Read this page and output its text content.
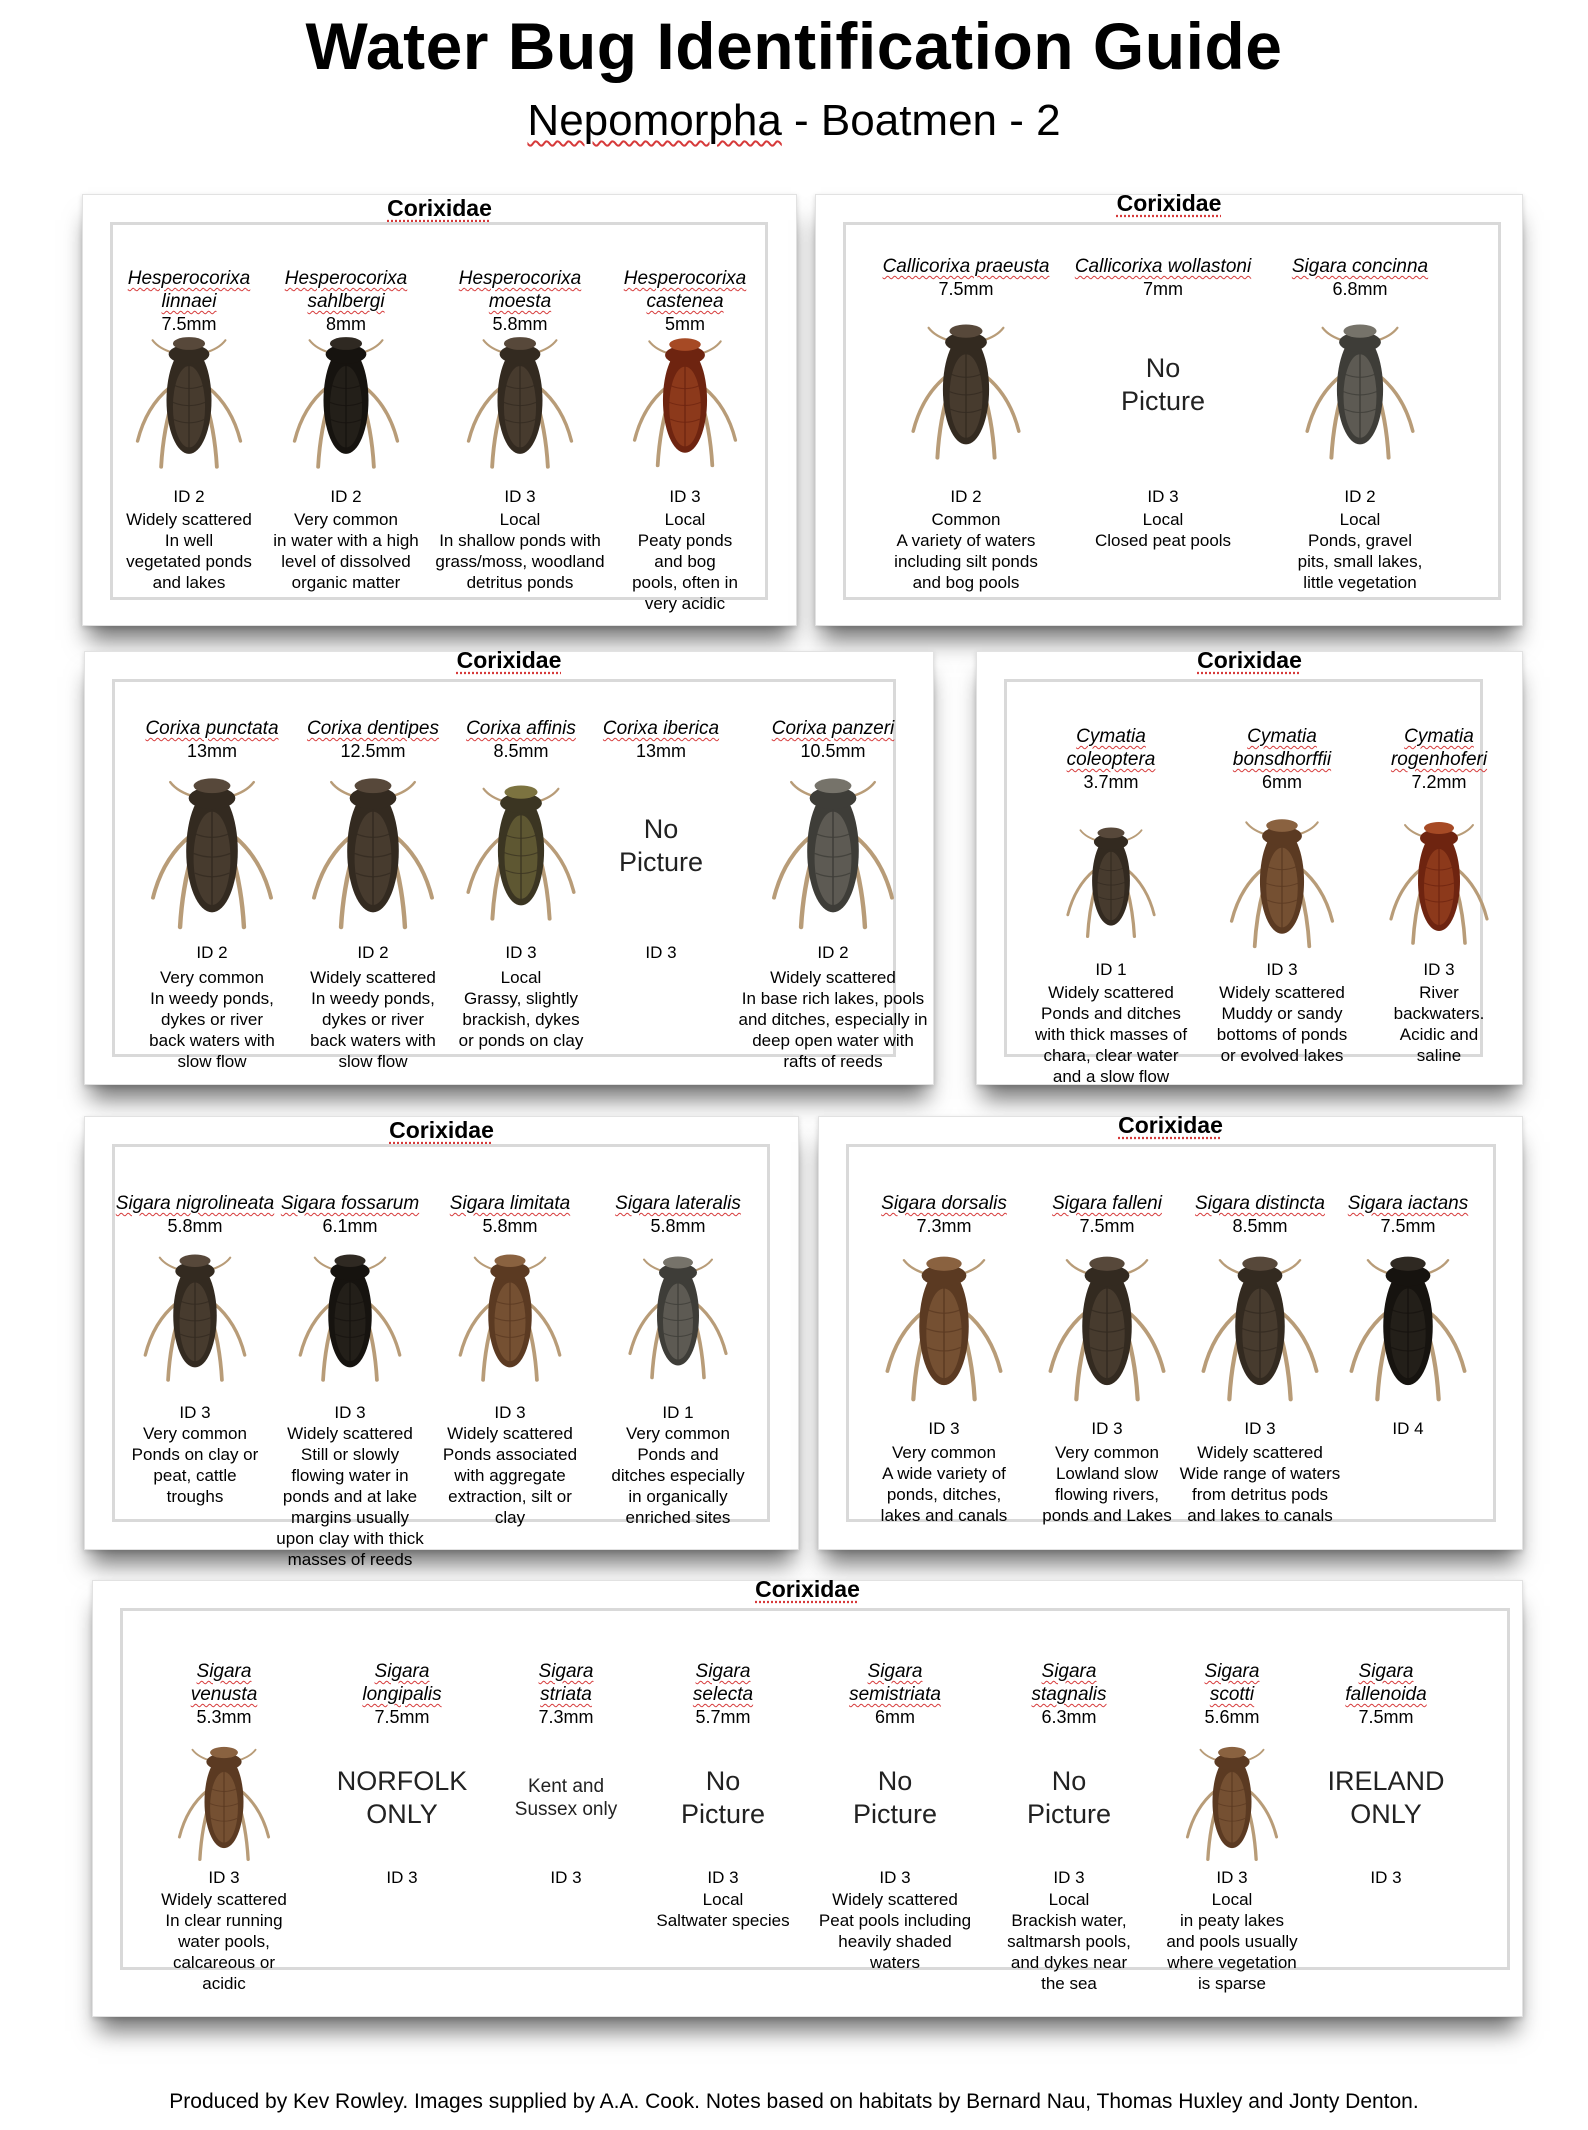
Water Bug Identification Guide
Nepomorpha - Boatmen - 2
Corixidae
Hesperocorixa
linnaei
7.5mm
ID 2
Widely scattered
In well
vegetated ponds
and lakes
Hesperocorixa
sahlbergi
8mm
ID 2
Very common
in water with a high
level of dissolved
organic matter
Hesperocorixa
moesta
5.8mm
ID 3
Local
In shallow ponds with
grass/moss, woodland
detritus ponds
Hesperocorixa
castenea
5mm
ID 3
Local
Peaty ponds
and bog
pools, often in
very acidic
Corixidae
Callicorixa praeusta
7.5mm
ID 2
Common
A variety of waters
including silt ponds
and bog pools
Callicorixa wollastoni
7mm
No
Picture
ID 3
Local
Closed peat pools
Sigara concinna
6.8mm
ID 2
Local
Ponds, gravel
pits, small lakes,
little vegetation
Corixidae
Corixa punctata
13mm
ID 2
Very common
In weedy ponds,
dykes or river
back waters with
slow flow
Corixa dentipes
12.5mm
ID 2
Widely scattered
In weedy ponds,
dykes or river
back waters with
slow flow
Corixa affinis
8.5mm
ID 3
Local
Grassy, slightly
brackish, dykes
or ponds on clay
Corixa iberica
13mm
No
Picture
ID 3
Corixa panzeri
10.5mm
ID 2
Widely scattered
In base rich lakes, pools
and ditches, especially in
deep open water with
rafts of reeds
Corixidae
Cymatia
coleoptera
3.7mm
ID 1
Widely scattered
Ponds and ditches
with thick masses of
chara, clear water
and a slow flow
Cymatia
bonsdhorffii
6mm
ID 3
Widely scattered
Muddy or sandy
bottoms of ponds
or evolved lakes
Cymatia
rogenhoferi
7.2mm
ID 3
River
backwaters.
Acidic and
saline
Corixidae
Sigara nigrolineata
5.8mm
ID 3
Very common
Ponds on clay or
peat, cattle
troughs
Sigara fossarum
6.1mm
ID 3
Widely scattered
Still or slowly
flowing water in
ponds and at lake
margins usually
upon clay with thick
masses of reeds
Sigara limitata
5.8mm
ID 3
Widely scattered
Ponds associated
with aggregate
extraction, silt or
clay
Sigara lateralis
5.8mm
ID 1
Very common
Ponds and
ditches especially
in organically
enriched sites
Corixidae
Sigara dorsalis
7.3mm
ID 3
Very common
A wide variety of
ponds, ditches,
lakes and canals
Sigara falleni
7.5mm
ID 3
Very common
Lowland slow
flowing rivers,
ponds and Lakes
Sigara distincta
8.5mm
ID 3
Widely scattered
Wide range of waters
from detritus pods
and lakes to canals
Sigara iactans
7.5mm
ID 4
Corixidae
Sigara
venusta
5.3mm
ID 3
Widely scattered
In clear running
water pools,
calcareous or
acidic
Sigara
longipalis
7.5mm
NORFOLK
ONLY
ID 3
Sigara
striata
7.3mm
Kent and
Sussex only
ID 3
Sigara
selecta
5.7mm
No
Picture
ID 3
Local
Saltwater species
Sigara
semistriata
6mm
No
Picture
ID 3
Widely scattered
Peat pools including
heavily shaded
waters
Sigara
stagnalis
6.3mm
No
Picture
ID 3
Local
Brackish water,
saltmarsh pools,
and dykes near
the sea
Sigara
scotti
5.6mm
ID 3
Local
in peaty lakes
and pools usually
where vegetation
is sparse
Sigara
fallenoida
7.5mm
IRELAND
ONLY
ID 3
Produced by Kev Rowley. Images supplied by A.A. Cook. Notes based on habitats by Bernard Nau, Thomas Huxley and Jonty Denton.
